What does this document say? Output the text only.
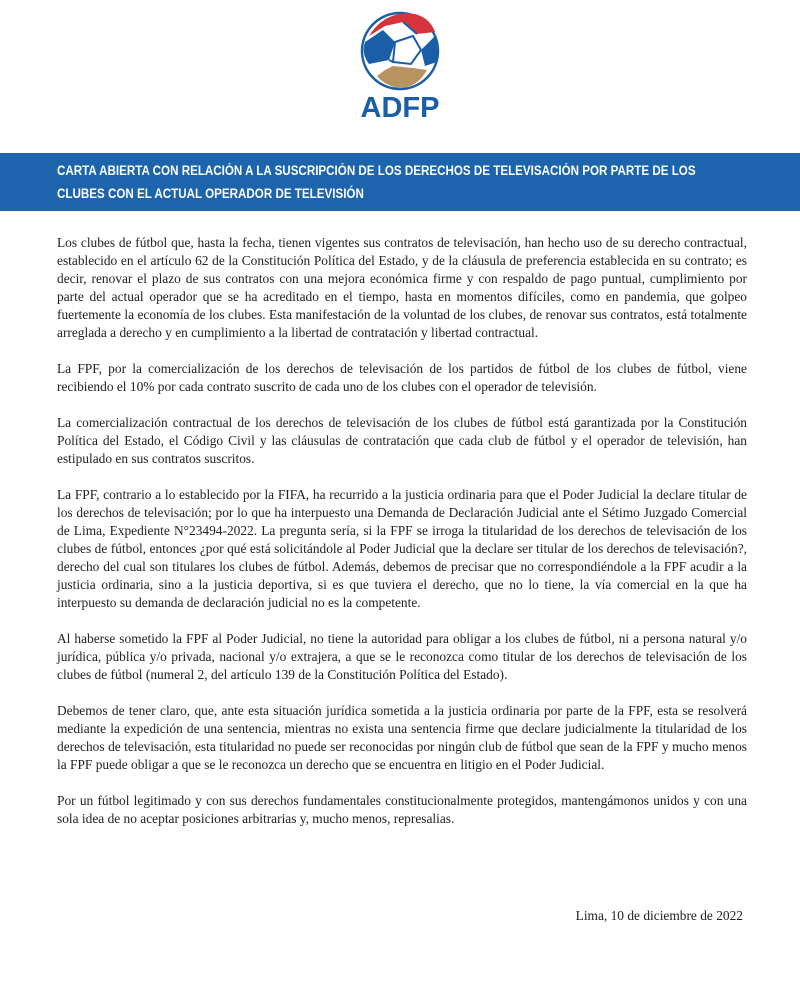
ADFP
CARTA ABIERTA CON RELACIÓN A LA SUSCRIPCIÓN DE LOS DERECHOS DE TELEVISACIÓN POR PARTE DE LOS CLUBES CON EL ACTUAL OPERADOR DE TELEVISIÓN

Los clubes de fútbol que, hasta la fecha, tienen vigentes sus contratos de televisación, han hecho uso de su derecho contractual, establecido en el artículo 62 de la Constitución Política del Estado, y de la cláusula de preferencia establecida en su contrato; es decir, renovar el plazo de sus contratos con una mejora económica firme y con respaldo de pago puntual, cumplimiento por parte del actual operador que se ha acreditado en el tiempo, hasta en momentos difíciles, como en pandemia, que golpeo fuertemente la economía de los clubes. Esta manifestación de la voluntad de los clubes, de renovar sus contratos, está totalmente arreglada a derecho y en cumplimiento a la libertad de contratación y libertad contractual.

La FPF, por la comercialización de los derechos de televisación de los partidos de fútbol de los clubes de fútbol, viene recibiendo el 10% por cada contrato suscrito de cada uno de los clubes con el operador de televisión.

La comercialización contractual de los derechos de televisación de los clubes de fútbol está garantizada por la Constitución Política del Estado, el Código Civil y las cláusulas de contratación que cada club de fútbol y el operador de televisión, han estipulado en sus contratos suscritos.

La FPF, contrario a lo establecido por la FIFA, ha recurrido a la justicia ordinaria para que el Poder Judicial la declare titular de los derechos de televisación; por lo que ha interpuesto una Demanda de Declaración Judicial ante el Sétimo Juzgado Comercial de Lima, Expediente N°23494-2022. La pregunta sería, si la FPF se irroga la titularidad de los derechos de televisación de los clubes de fútbol, entonces ¿por qué está solicitándole al Poder Judicial que la declare ser titular de los derechos de televisación?, derecho del cual son titulares los clubes de fútbol. Además, debemos de precisar que no correspondiéndole a la FPF acudir a la justicia ordinaria, sino a la justicia deportiva, si es que tuviera el derecho, que no lo tiene, la vía comercial en la que ha interpuesto su demanda de declaración judicial no es la competente.

Al haberse sometido la FPF al Poder Judicial, no tiene la autoridad para obligar a los clubes de fútbol, ni a persona natural y/o jurídica, pública y/o privada, nacional y/o extrajera, a que se le reconozca como titular de los derechos de televisación de los clubes de fútbol (numeral 2, del artículo 139 de la Constitución Política del Estado).

Debemos de tener claro, que, ante esta situación jurídica sometida a la justicia ordinaria por parte de la FPF, esta se resolverá mediante la expedición de una sentencia, mientras no exista una sentencia firme que declare judicialmente la titularidad de los derechos de televisación, esta titularidad no puede ser reconocidas por ningún club de fútbol que sean de la FPF y mucho menos la FPF puede obligar a que se le reconozca un derecho que se encuentra en litigio en el Poder Judicial.

Por un fútbol legitimado y con sus derechos fundamentales constitucionalmente protegidos, mantengámonos unidos y con una sola idea de no aceptar posiciones arbitrarias y, mucho menos, represalias.

Lima, 10 de diciembre de 2022
